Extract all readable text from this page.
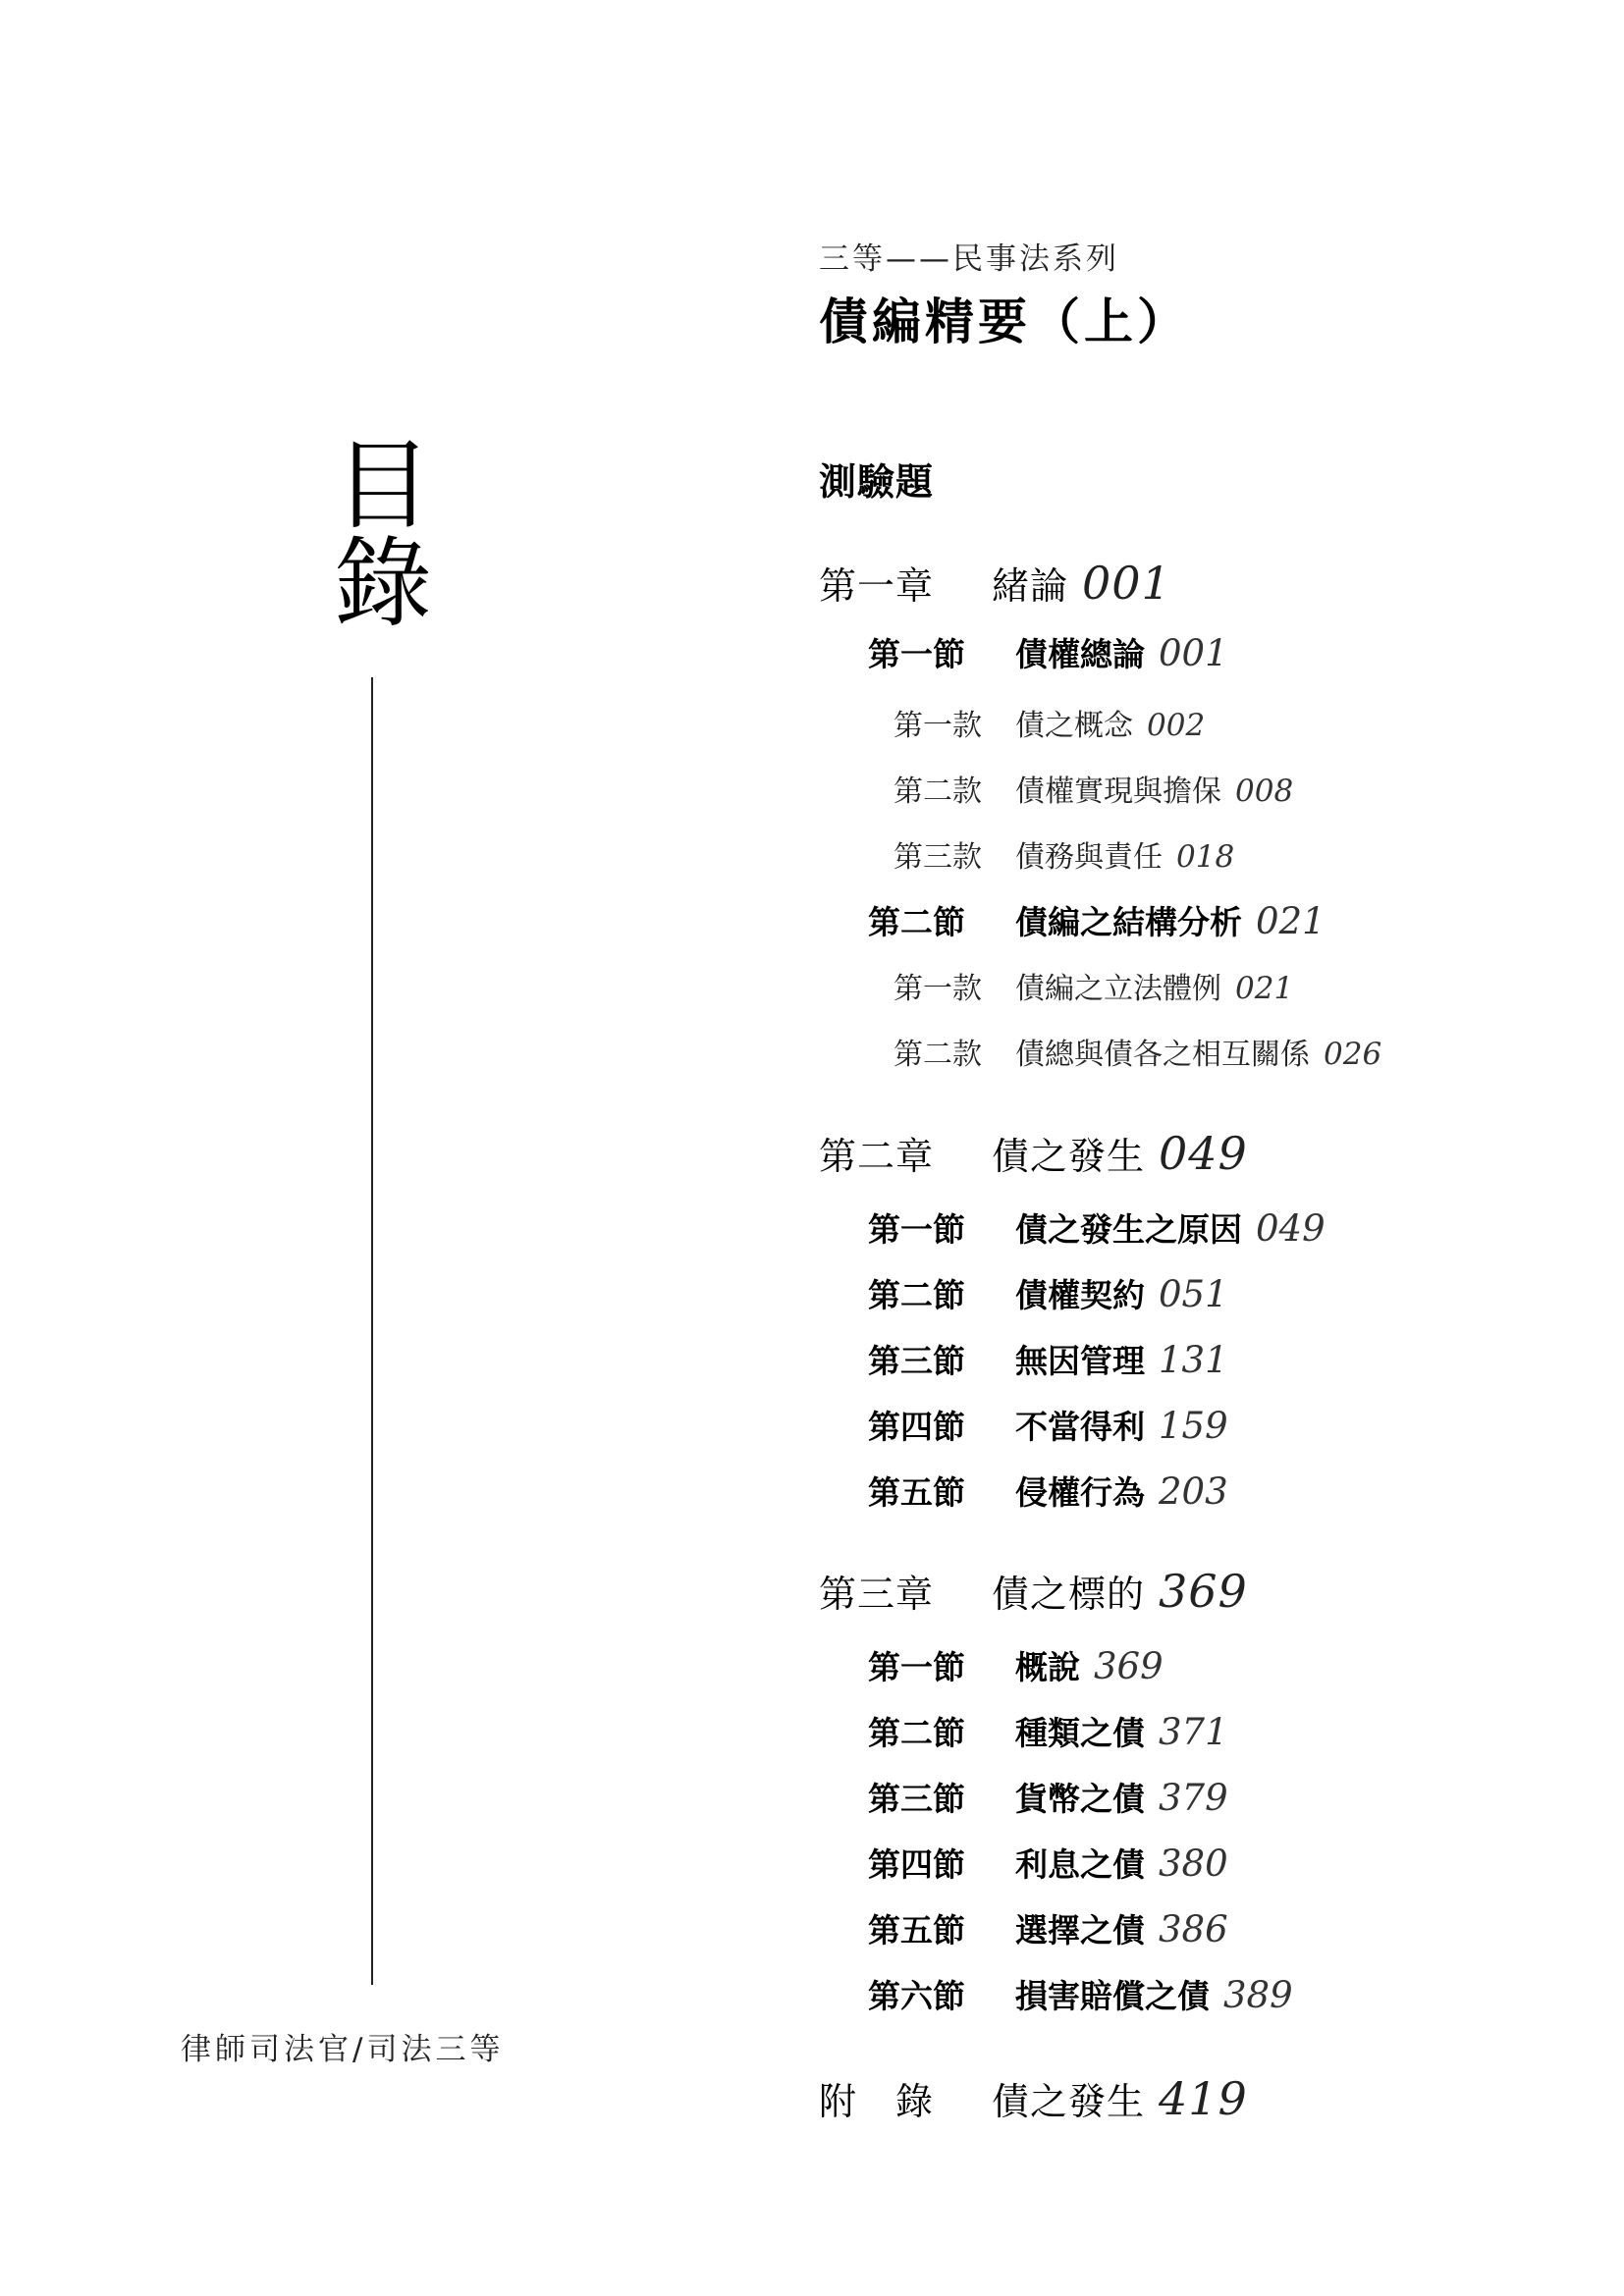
三等——民事法系列
債編精要（上）
目
錄
律師司法官/司法三等
測驗題
第一章	緒論 001
第一節	債權總論 001
第一款	債之概念 002
第二款	債權實現與擔保 008
第三款	債務與責任 018
第二節	債編之結構分析 021
第一款	債編之立法體例 021
第二款	債總與債各之相互關係 026
第二章	債之發生 049
第一節	債之發生之原因 049
第二節	債權契約 051
第三節	無因管理 131
第四節	不當得利 159
第五節	侵權行為 203
第三章	債之標的 369
第一節	概說 369
第二節	種類之債 371
第三節	貨幣之債 379
第四節	利息之債 380
第五節	選擇之債 386
第六節	損害賠償之債 389
附　錄	債之發生 419
